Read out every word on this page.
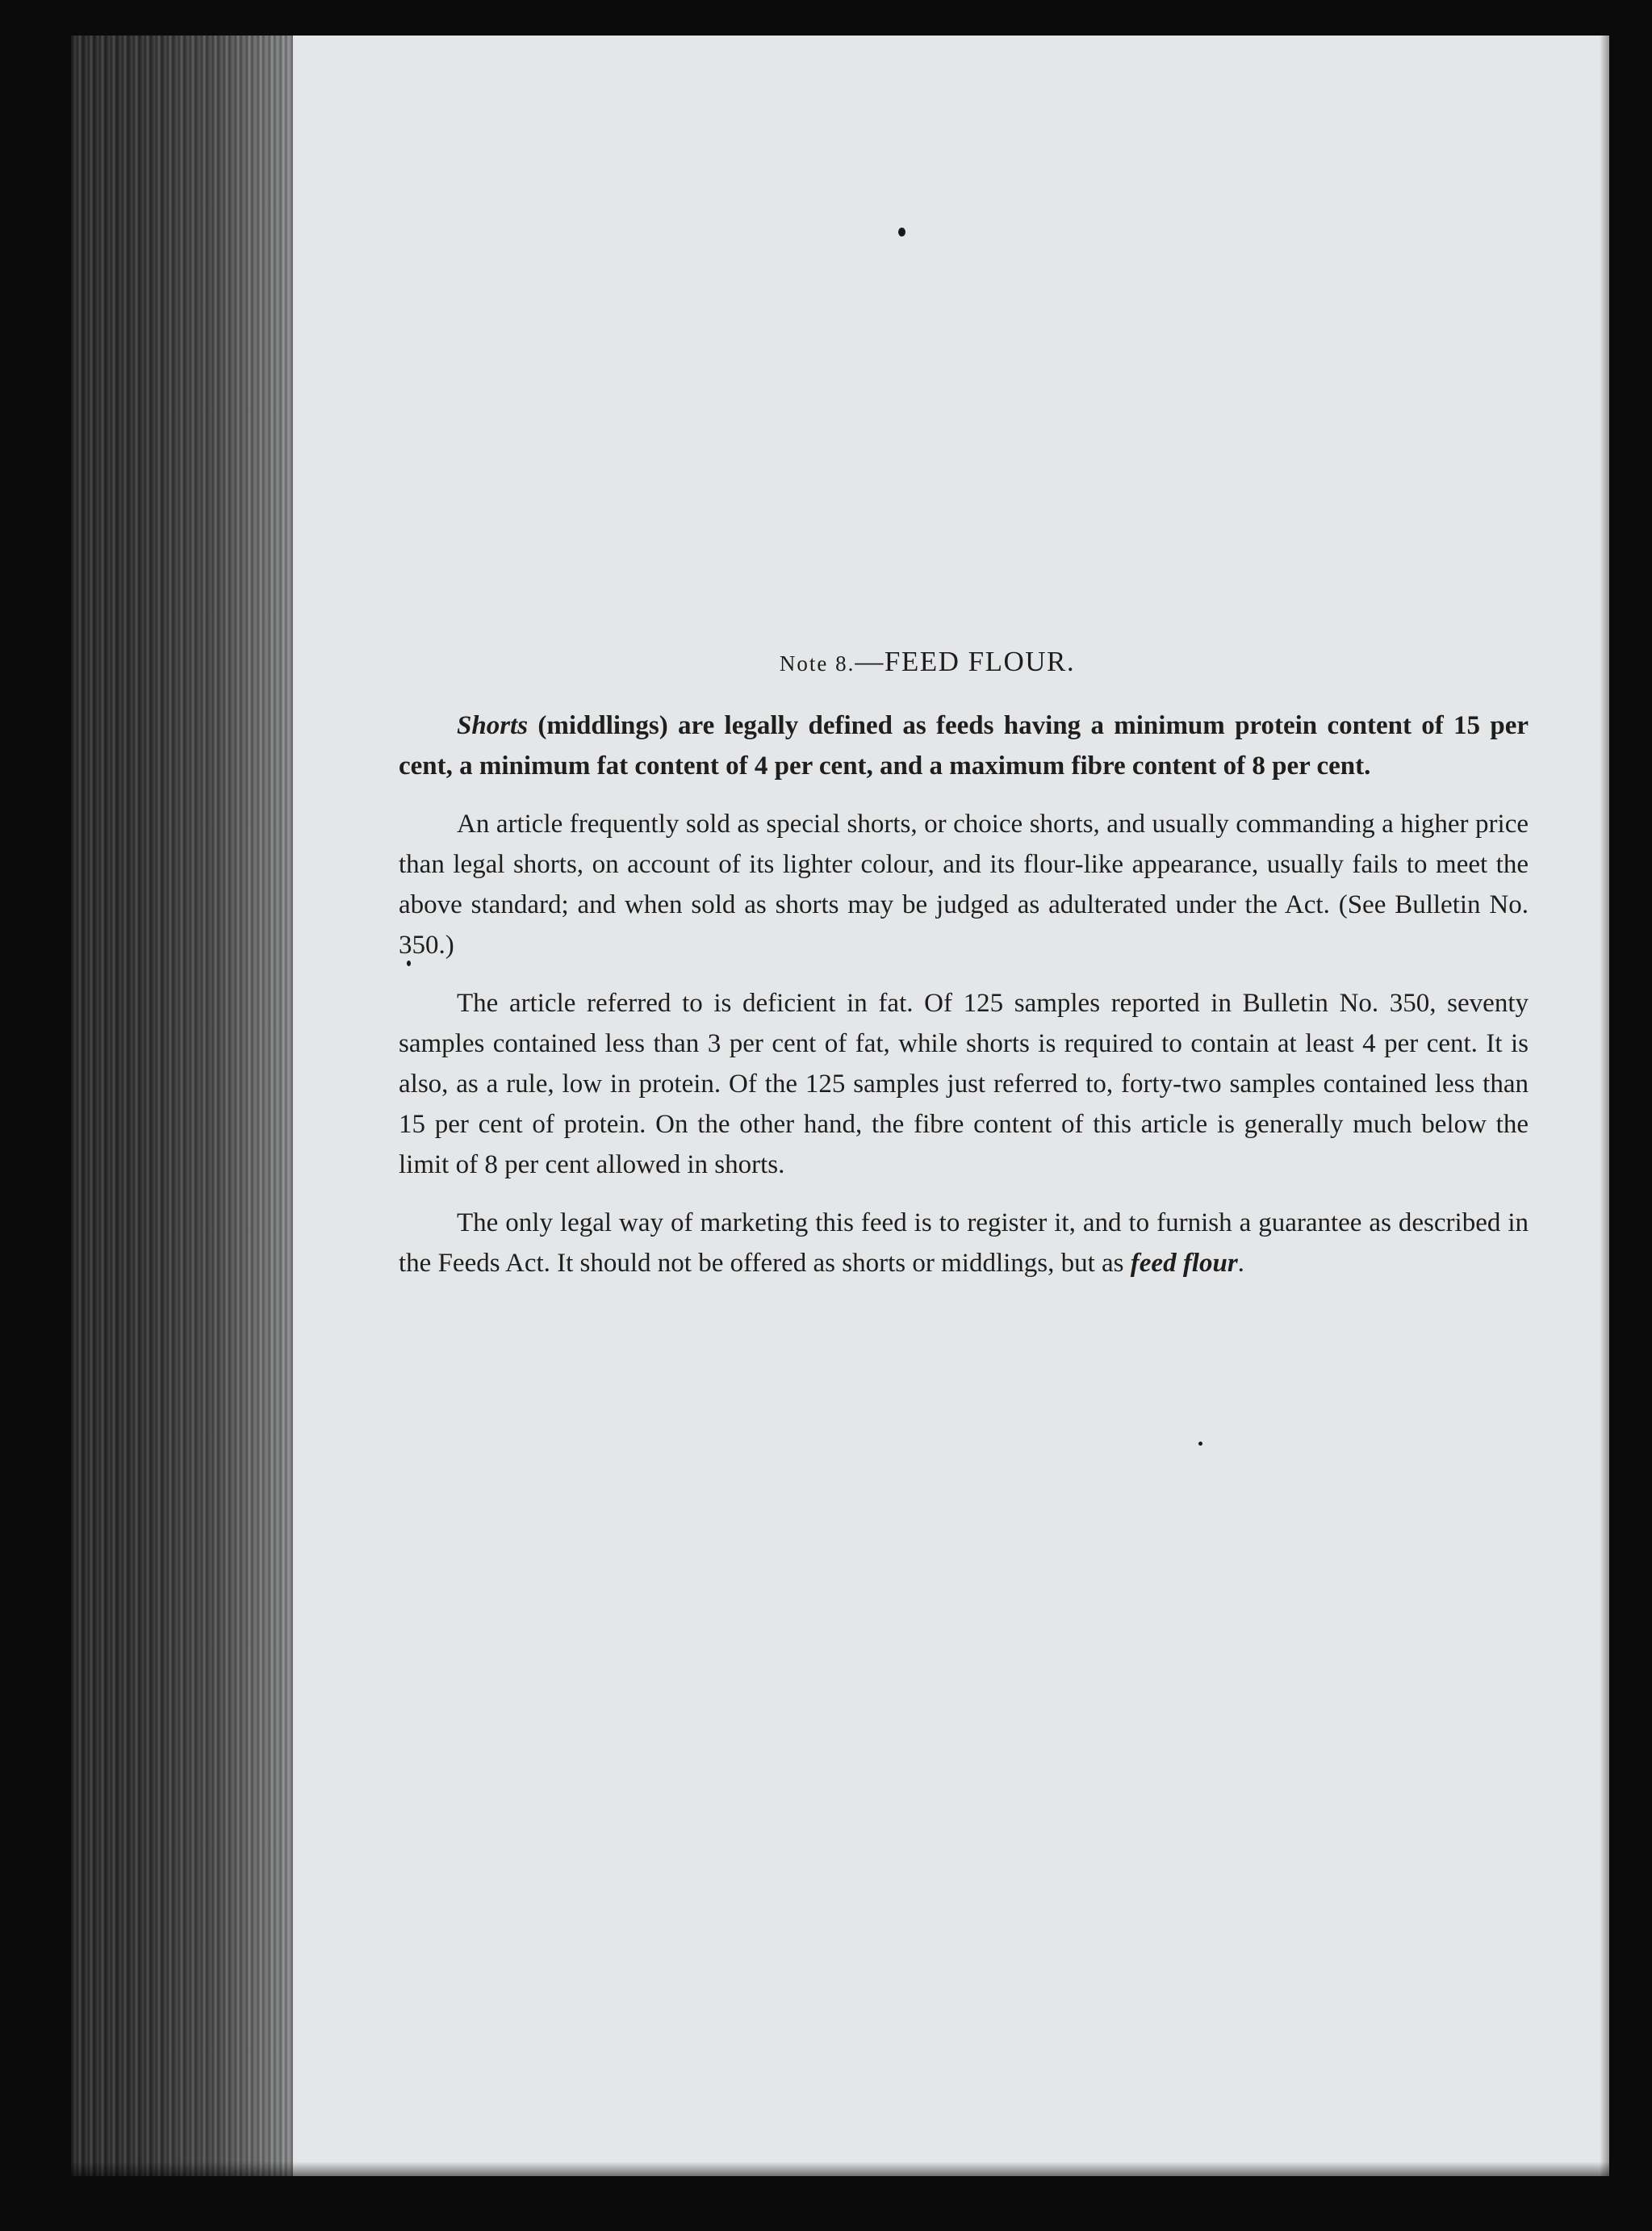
Note 8.—FEED FLOUR.

Shorts (middlings) are legally defined as feeds having a minimum protein content of 15 per cent, a minimum fat content of 4 per cent, and a maximum fibre content of 8 per cent.

An article frequently sold as special shorts, or choice shorts, and usually commanding a higher price than legal shorts, on account of its lighter colour, and its flour-like appearance, usually fails to meet the above standard; and when sold as shorts may be judged as adulterated under the Act. (See Bulletin No. 350.)

The article referred to is deficient in fat. Of 125 samples reported in Bulletin No. 350, seventy samples contained less than 3 per cent of fat, while shorts is required to contain at least 4 per cent. It is also, as a rule, low in protein. Of the 125 samples just referred to, forty-two samples contained less than 15 per cent of protein. On the other hand, the fibre content of this article is generally much below the limit of 8 per cent allowed in shorts.

The only legal way of marketing this feed is to register it, and to furnish a guarantee as described in the Feeds Act. It should not be offered as shorts or middlings, but as feed flour.
